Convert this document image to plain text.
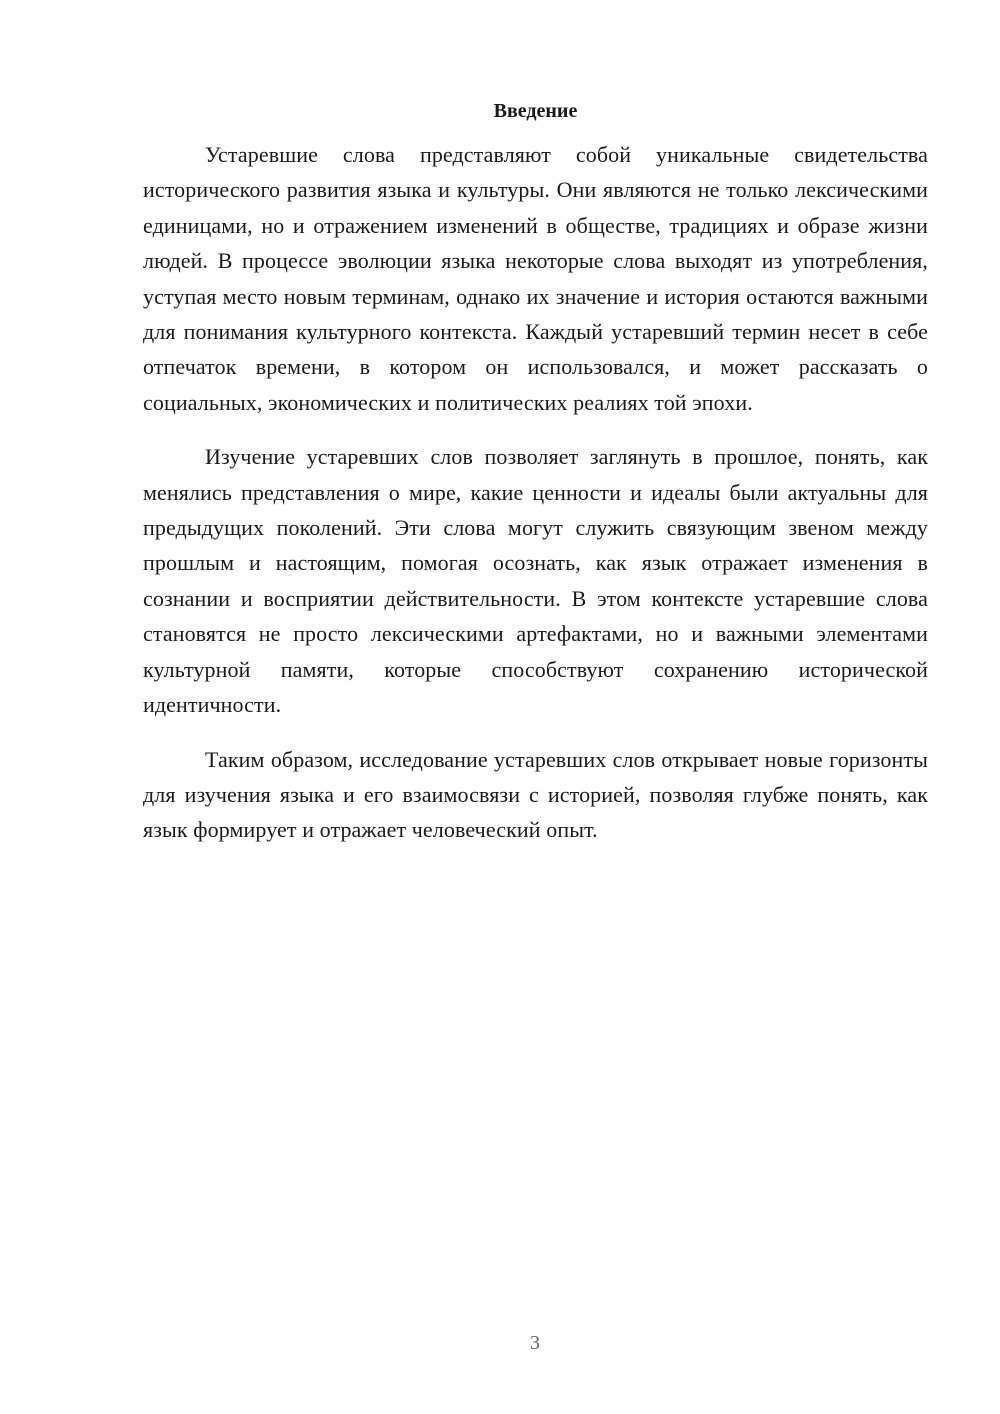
Введение

Устаревшие слова представляют собой уникальные свидетельства исторического развития языка и культуры. Они являются не только лексическими единицами, но и отражением изменений в обществе, традициях и образе жизни людей. В процессе эволюции языка некоторые слова выходят из употребления, уступая место новым терминам, однако их значение и история остаются важными для понимания культурного контекста. Каждый устаревший термин несет в себе отпечаток времени, в котором он использовался, и может рассказать о социальных, экономических и политических реалиях той эпохи.

Изучение устаревших слов позволяет заглянуть в прошлое, понять, как менялись представления о мире, какие ценности и идеалы были актуальны для предыдущих поколений. Эти слова могут служить связующим звеном между прошлым и настоящим, помогая осознать, как язык отражает изменения в сознании и восприятии действительности. В этом контексте устаревшие слова становятся не просто лексическими артефактами, но и важными элементами культурной памяти, которые способствуют сохранению исторической идентичности.

Таким образом, исследование устаревших слов открывает новые горизонты для изучения языка и его взаимосвязи с историей, позволяя глубже понять, как язык формирует и отражает человеческий опыт.

3
